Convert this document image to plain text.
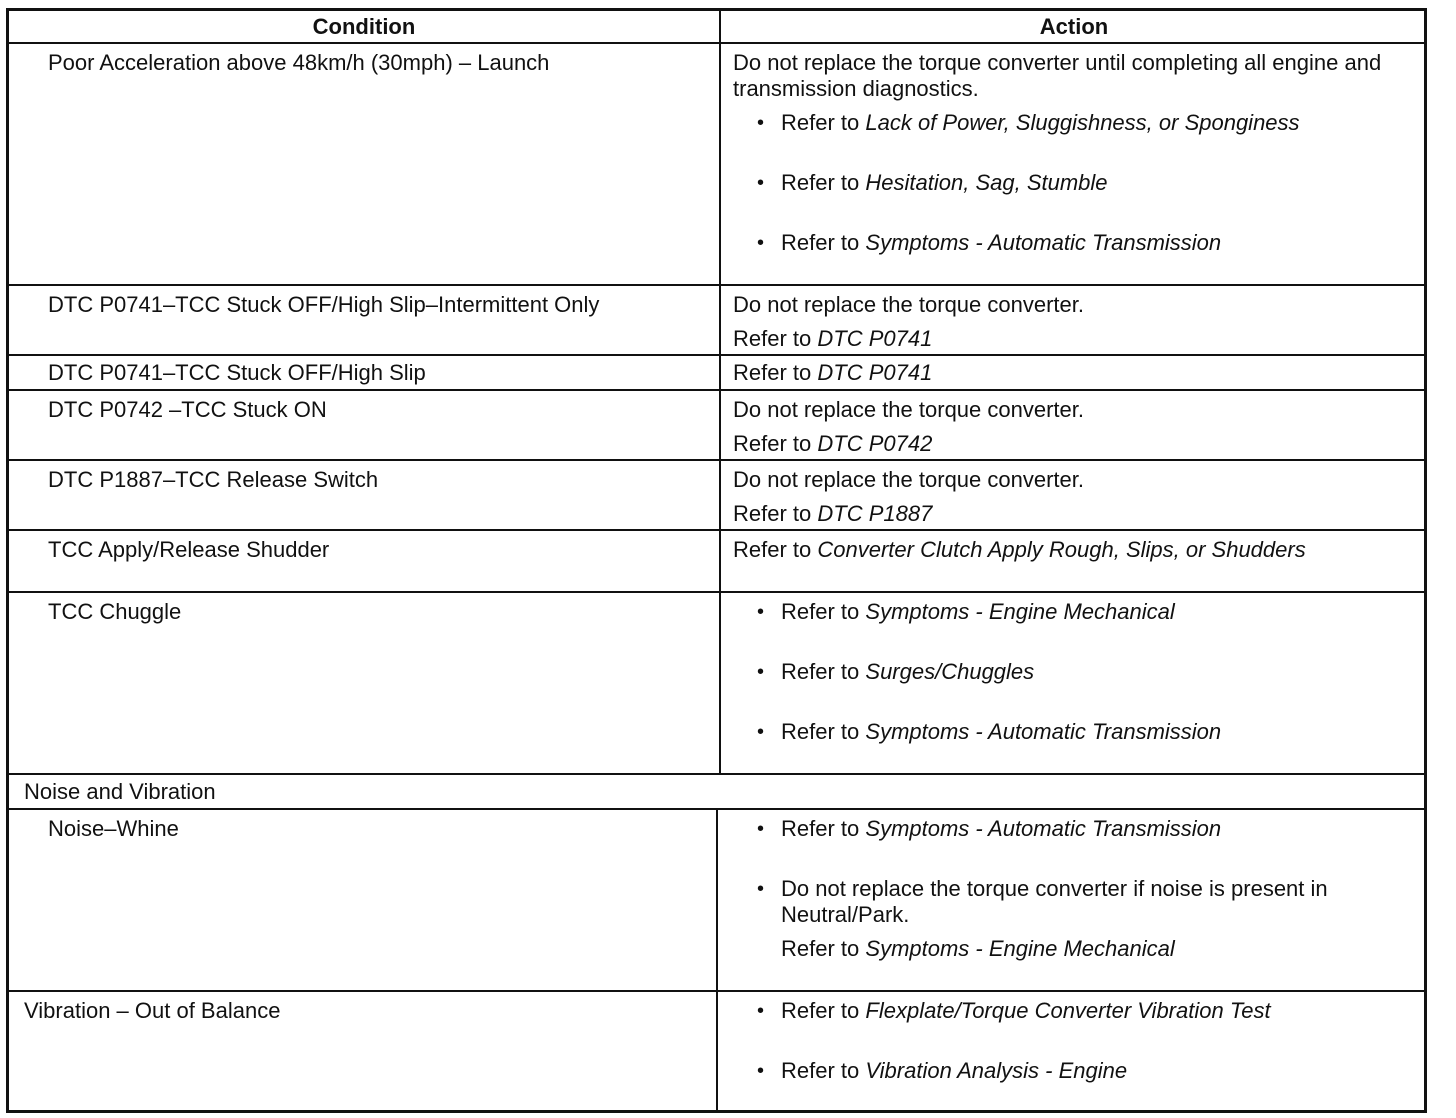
Condition	Action
Poor Acceleration above 48km/h (30mph) – Launch	Do not replace the torque converter until completing all engine and transmission diagnostics.
• Refer to Lack of Power, Sluggishness, or Sponginess
• Refer to Hesitation, Sag, Stumble
• Refer to Symptoms - Automatic Transmission
DTC P0741–TCC Stuck OFF/High Slip–Intermittent Only	Do not replace the torque converter.
Refer to DTC P0741
DTC P0741–TCC Stuck OFF/High Slip	Refer to DTC P0741
DTC P0742 –TCC Stuck ON	Do not replace the torque converter.
Refer to DTC P0742
DTC P1887–TCC Release Switch	Do not replace the torque converter.
Refer to DTC P1887
TCC Apply/Release Shudder	Refer to Converter Clutch Apply Rough, Slips, or Shudders
TCC Chuggle	• Refer to Symptoms - Engine Mechanical
• Refer to Surges/Chuggles
• Refer to Symptoms - Automatic Transmission
Noise and Vibration
Noise–Whine	• Refer to Symptoms - Automatic Transmission
• Do not replace the torque converter if noise is present in Neutral/Park.
Refer to Symptoms - Engine Mechanical
Vibration – Out of Balance	• Refer to Flexplate/Torque Converter Vibration Test
• Refer to Vibration Analysis - Engine
